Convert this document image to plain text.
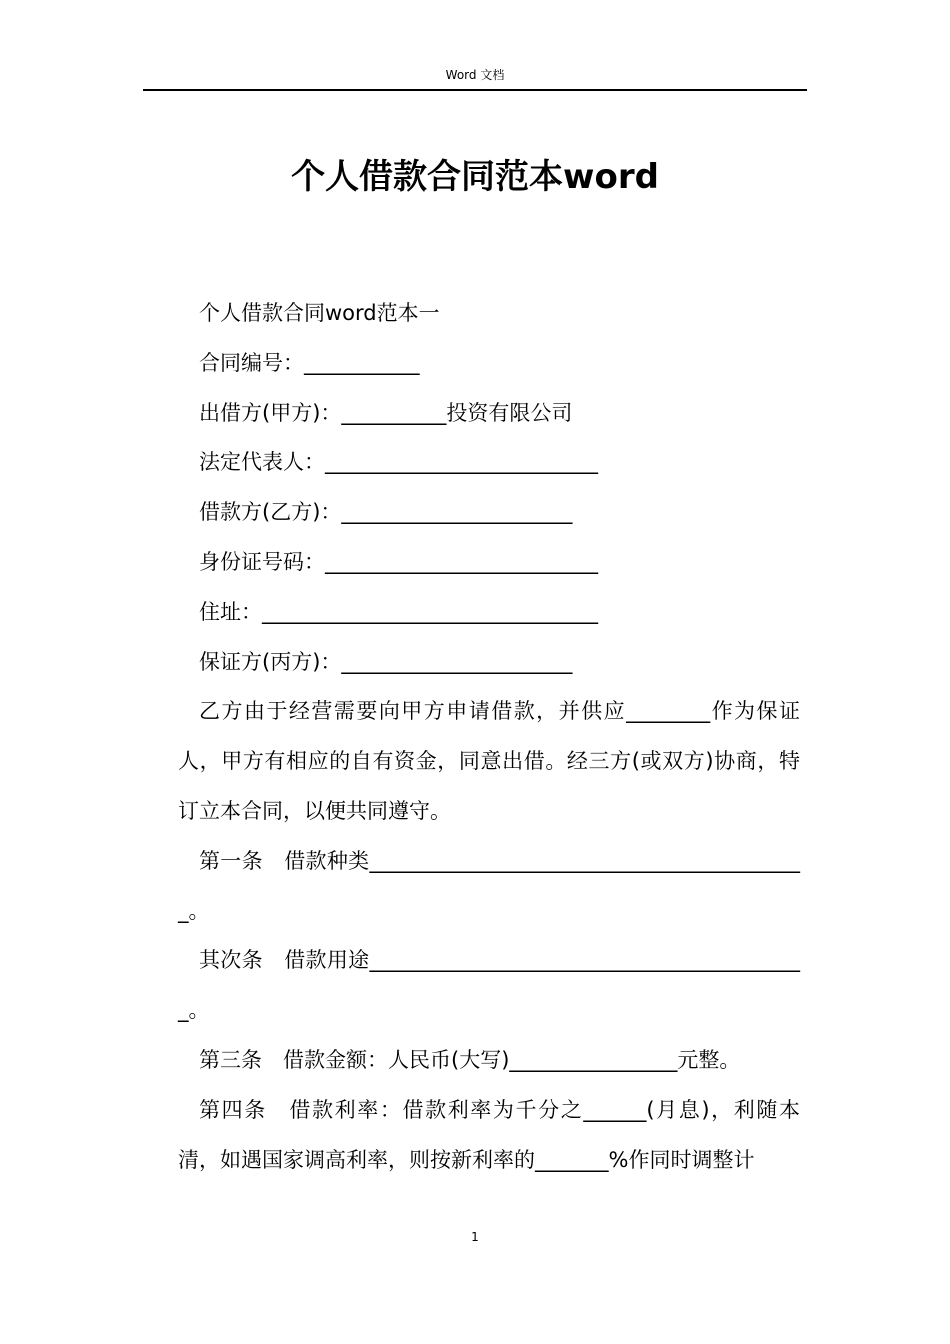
Word 文档
个人借款合同范本word

个人借款合同word范本一

合同编号：___________

出借方(甲方)：__________投资有限公司

法定代表人：__________________________

借款方(乙方)：______________________

身份证号码：__________________________

住址：________________________________

保证方(丙方)：______________________

乙方由于经营需要向甲方申请借款，并供应________作为保证人，甲方有相应的自有资金，同意出借。经三方(或双方)协商，特订立本合同，以便共同遵守。

第一条　借款种类__________________________________________。

其次条　借款用途__________________________________________。

第三条　借款金额：人民币(大写)________________元整。

第四条　借款利率：借款利率为千分之______(月息)，利随本清，如遇国家调高利率，则按新利率的_______%作同时调整计

1
